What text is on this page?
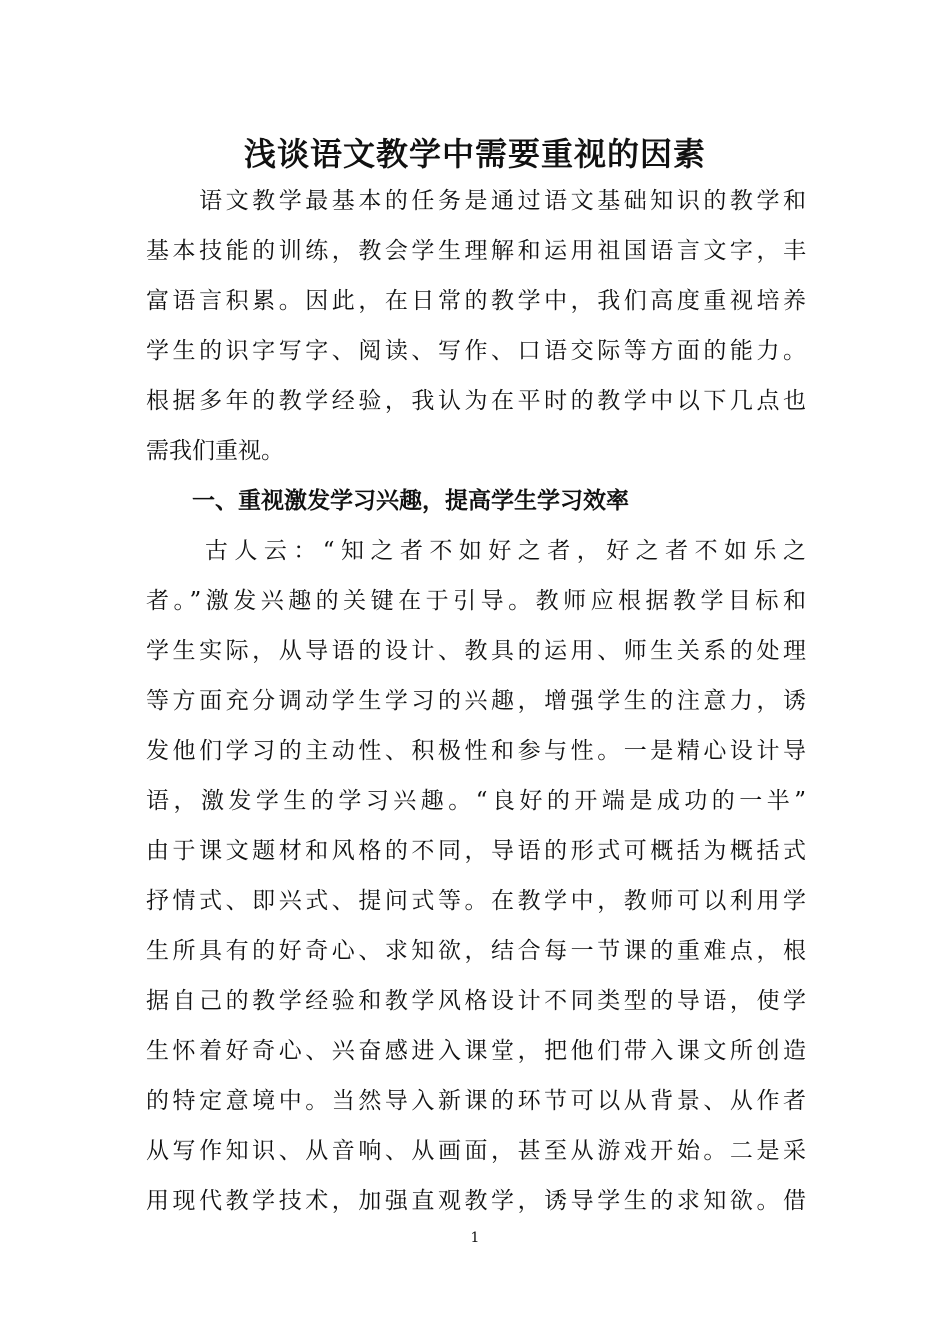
浅谈语文教学中需要重视的因素
　　语文教学最基本的任务是通过语文基础知识的教学和
基本技能的训练，教会学生理解和运用祖国语言文字，丰
富语言积累。因此，在日常的教学中，我们高度重视培养
学生的识字写字、阅读、写作、口语交际等方面的能力。
根据多年的教学经验，我认为在平时的教学中以下几点也
需我们重视。
　　一、重视激发学习兴趣，提高学生学习效率
　　古人云：“知之者不如好之者，好之者不如乐之
者。”激发兴趣的关键在于引导。教师应根据教学目标和
学生实际，从导语的设计、教具的运用、师生关系的处理
等方面充分调动学生学习的兴趣，增强学生的注意力，诱
发他们学习的主动性、积极性和参与性。一是精心设计导
语，激发学生的学习兴趣。“良好的开端是成功的一半”
由于课文题材和风格的不同，导语的形式可概括为概括式
抒情式、即兴式、提问式等。在教学中，教师可以利用学
生所具有的好奇心、求知欲，结合每一节课的重难点，根
据自己的教学经验和教学风格设计不同类型的导语，使学
生怀着好奇心、兴奋感进入课堂，把他们带入课文所创造
的特定意境中。当然导入新课的环节可以从背景、从作者
从写作知识、从音响、从画面，甚至从游戏开始。二是采
用现代教学技术，加强直观教学，诱导学生的求知欲。借
1
